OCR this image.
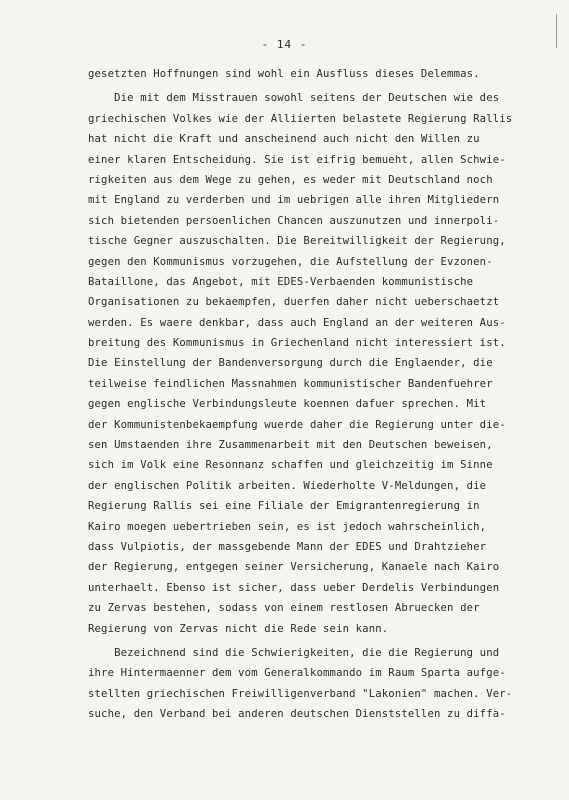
- 14 -
gesetzten Hoffnungen sind wohl ein Ausfluss dieses Delemmas.
Die mit dem Misstrauen sowohl seitens der Deutschen wie des
griechischen Volkes wie der Alliierten belastete Regierung Rallis
hat nicht die Kraft und anscheinend auch nicht den Willen zu
einer klaren Entscheidung. Sie ist eifrig bemueht, allen Schwie-
rigkeiten aus dem Wege zu gehen, es weder mit Deutschland noch
mit England zu verderben und im uebrigen alle ihren Mitgliedern
sich bietenden persoenlichen Chancen auszunutzen und innerpoli-
tische Gegner auszuschalten. Die Bereitwilligkeit der Regierung,
gegen den Kommunismus vorzugehen, die Aufstellung der Evzonen-
Bataillone, das Angebot, mit EDES-Verbaenden kommunistische
Organisationen zu bekaempfen, duerfen daher nicht ueberschaetzt
werden. Es waere denkbar, dass auch England an der weiteren Aus-
breitung des Kommunismus in Griechenland nicht interessiert ist.
Die Einstellung der Bandenversorgung durch die Englaender, die
teilweise feindlichen Massnahmen kommunistischer Bandenfuehrer
gegen englische Verbindungsleute koennen dafuer sprechen. Mit
der Kommunistenbekaempfung wuerde daher die Regierung unter die-
sen Umstaenden ihre Zusammenarbeit mit den Deutschen beweisen,
sich im Volk eine Resonnanz schaffen und gleichzeitig im Sinne
der englischen Politik arbeiten. Wiederholte V-Meldungen, die
Regierung Rallis sei eine Filiale der Emigrantenregierung in
Kairo moegen uebertrieben sein, es ist jedoch wahrscheinlich,
dass Vulpiotis, der massgebende Mann der EDES und Drahtzieher
der Regierung, entgegen seiner Versicherung, Kanaele nach Kairo
unterhaelt. Ebenso ist sicher, dass ueber Derdelis Verbindungen
zu Zervas bestehen, sodass von einem restlosen Abruecken der
Regierung von Zervas nicht die Rede sein kann.
Bezeichnend sind die Schwierigkeiten, die die Regierung und
ihre Hintermaenner dem vom Generalkommando im Raum Sparta aufge-
stellten griechischen Freiwilligenverband "Lakonien" machen. Ver-
suche, den Verband bei anderen deutschen Dienststellen zu diffa-
